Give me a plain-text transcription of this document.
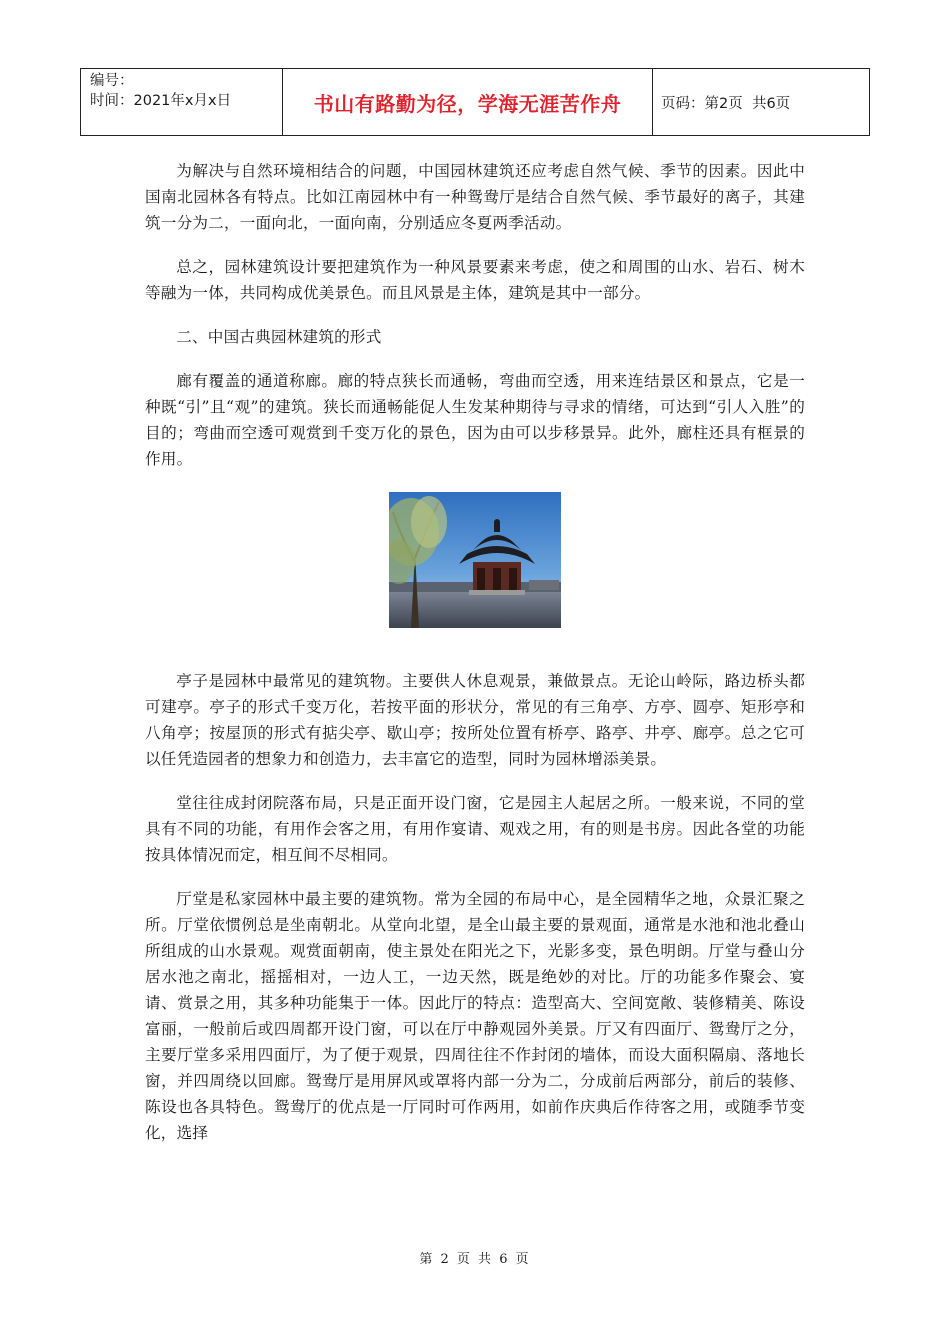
编号：
时间：2021年x月x日	书山有路勤为径，学海无涯苦作舟	页码：第2页  共6页

为解决与自然环境相结合的问题，中国园林建筑还应考虑自然气候、季节的因素。因此中国南北园林各有特点。比如江南园林中有一种鸳鸯厅是结合自然气候、季节最好的离子，其建筑一分为二，一面向北，一面向南，分别适应冬夏两季活动。

总之，园林建筑设计要把建筑作为一种风景要素来考虑，使之和周围的山水、岩石、树木等融为一体，共同构成优美景色。而且风景是主体，建筑是其中一部分。

二、中国古典园林建筑的形式

廊有覆盖的通道称廊。廊的特点狭长而通畅，弯曲而空透，用来连结景区和景点，它是一种既“引”且“观”的建筑。狭长而通畅能促人生发某种期待与寻求的情绪，可达到“引人入胜”的目的；弯曲而空透可观赏到千变万化的景色，因为由可以步移景异。此外，廊柱还具有框景的作用。

亭子是园林中最常见的建筑物。主要供人休息观景，兼做景点。无论山岭际，路边桥头都可建亭。亭子的形式千变万化，若按平面的形状分，常见的有三角亭、方亭、圆亭、矩形亭和八角亭；按屋顶的形式有掂尖亭、歇山亭；按所处位置有桥亭、路亭、井亭、廊亭。总之它可以任凭造园者的想象力和创造力，去丰富它的造型，同时为园林增添美景。

堂往往成封闭院落布局，只是正面开设门窗，它是园主人起居之所。一般来说，不同的堂具有不同的功能，有用作会客之用，有用作宴请、观戏之用，有的则是书房。因此各堂的功能按具体情况而定，相互间不尽相同。

厅堂是私家园林中最主要的建筑物。常为全园的布局中心，是全园精华之地，众景汇聚之所。厅堂依惯例总是坐南朝北。从堂向北望，是全山最主要的景观面，通常是水池和池北叠山所组成的山水景观。观赏面朝南，使主景处在阳光之下，光影多变，景色明朗。厅堂与叠山分居水池之南北，摇摇相对，一边人工，一边天然，既是绝妙的对比。厅的功能多作聚会、宴请、赏景之用，其多种功能集于一体。因此厅的特点：造型高大、空间宽敞、装修精美、陈设富丽，一般前后或四周都开设门窗，可以在厅中静观园外美景。厅又有四面厅、鸳鸯厅之分，主要厅堂多采用四面厅，为了便于观景，四周往往不作封闭的墙体，而设大面积隔扇、落地长窗，并四周绕以回廊。鸳鸯厅是用屏风或罩将内部一分为二，分成前后两部分，前后的装修、陈设也各具特色。鸳鸯厅的优点是一厅同时可作两用，如前作庆典后作待客之用，或随季节变化，选择

第 2 页 共 6 页
